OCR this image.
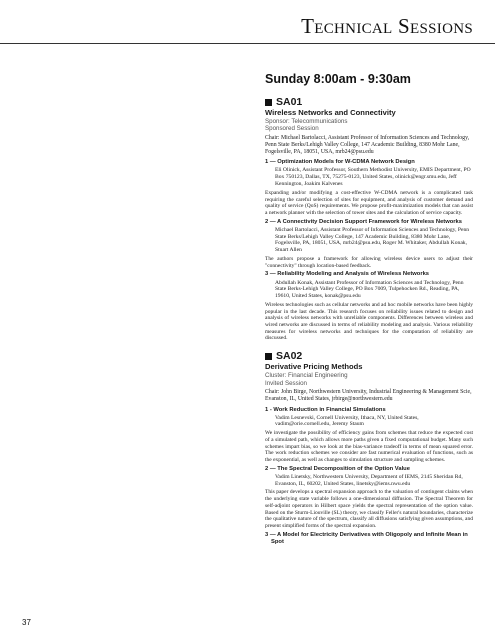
Technical Sessions
Sunday 8:00am - 9:30am
SA01
Wireless Networks and Connectivity
Sponsor: Telecommunications
Sponsored Session
Chair: Michael Bartolacci, Assistant Professor of Information Sciences and Technology, Penn State Berks/Lehigh Valley College, 147 Academic Building, 8380 Mohr Lane, Fogelsville, PA, 18051, USA, mrb24@psu.edu
1 — Optimization Models for W-CDMA Network Design
Eli Olinick, Assistant Professor, Southern Methodist University, EMIS Department, PO Box 750123, Dallas, TX, 75275-0123, United States, olinick@engr.smu.edu, Jeff Kennington, Joakim Kalvenes
Expanding and/or modifying a cost-effective W-CDMA network is a complicated task requiring the careful selection of sites for equipment, and analysis of customer demand and quality of service (QoS) requirements. We propose profit-maximization models that can assist a network planner with the selection of tower sites and the calculation of service capacity.
2 — A Connectivity Decision Support Framework for Wireless Networks
Michael Bartolacci, Assistant Professor of Information Sciences and Technology, Penn State Berks/Lehigh Valley College, 147 Academic Building, 8380 Mohr Lane, Fogelsville, PA, 18051, USA, mrb24@psu.edu, Roger M. Whitaker, Abdullah Konak, Stuart Allen
The authors propose a framework for allowing wireless device users to adjust their "connectivity" through location-based feedback.
3 — Reliability Modeling and Analysis of Wireless Networks
Abdullah Konak, Assistant Professor of Information Sciences and Technology, Penn State Berks-Lehigh Valley College, PO Box 7009, Tulpehocken Rd., Reading, PA, 19610, United States, konak@psu.edu
Wireless technologies such as cellular networks and ad hoc mobile networks have been highly popular in the last decade. This research focuses on reliability issues related to design and analysis of wireless networks with unreliable components. Differences between wireless and wired networks are discussed in terms of reliability modeling and analysis. Various reliability measures for wireless networks and techniques for the computation of reliability are discussed.
SA02
Derivative Pricing Methods
Cluster: Financial Engineering
Invited Session
Chair: John Birge, Northwestern University, Industrial Engineering & Management Scie, Evanston, IL, United States, jrbirge@northwestern.edu
1 - Work Reduction in Financial Simulations
Vadim Lesnevski, Cornell University, Ithaca, NY, United States, vadim@orie.cornell.edu, Jeremy Staum
We investigate the possibility of efficiency gains from schemes that reduce the expected cost of a simulated path, which allows more paths given a fixed computational budget. Many such schemes impart bias, so we look at the bias-variance tradeoff in terms of mean squared error. The work reduction schemes we consider are fast numerical evaluation of functions, such as the exponential, as well as changes to simulation structure and sampling schemes.
2 — The Spectral Decomposition of the Option Value
Vadim Linetsky, Northwestern University, Department of IEMS, 2145 Sheridan Rd, Evanston, IL, 60202, United States, linetsky@iems.nwu.edu
This paper develops a spectral expansion approach to the valuation of contingent claims when the underlying state variable follows a one-dimensional diffusion. The Spectral Theorem for self-adjoint operators in Hilbert space yields the spectral representation of the option value. Based on the Sturm-Liouville (SL) theory, we classify Feller's natural boundaries, characterize the qualitative nature of the spectrum, classify all diffusions satisfying given assumptions, and present simplified forms of the spectral expansion.
3 — A Model for Electricity Derivatives with Oligopoly and Infinite Mean in Spot
37
